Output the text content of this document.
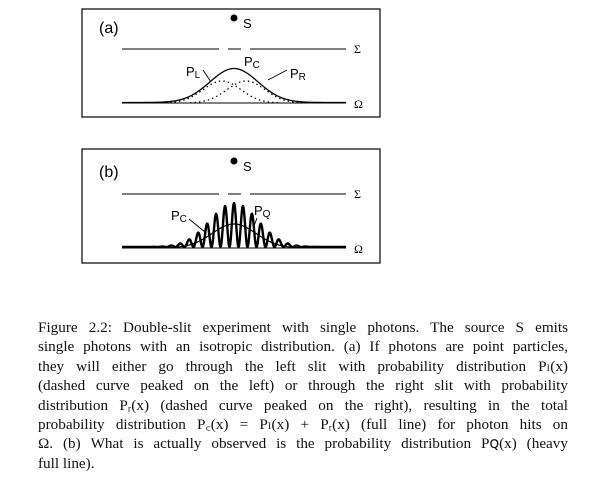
(a)	S
Σ
Ω
PL
PC
PR
(b)	S
Σ
Ω
PC
PQ

Figure 2.2: Double-slit experiment with single photons. The source S emits
single photons with an isotropic distribution. (a) If photons are point particles,
they will either go through the left slit with probability distribution Pₗ(x)
(dashed curve peaked on the left) or through the right slit with probability
distribution Pᵣ(x) (dashed curve peaked on the right), resulting in the total
probability distribution P꜀(x) = Pₗ(x) + Pᵣ(x) (full line) for photon hits on
Ω. (b) What is actually observed is the probability distribution Pꞯ(x) (heavy
full line).
